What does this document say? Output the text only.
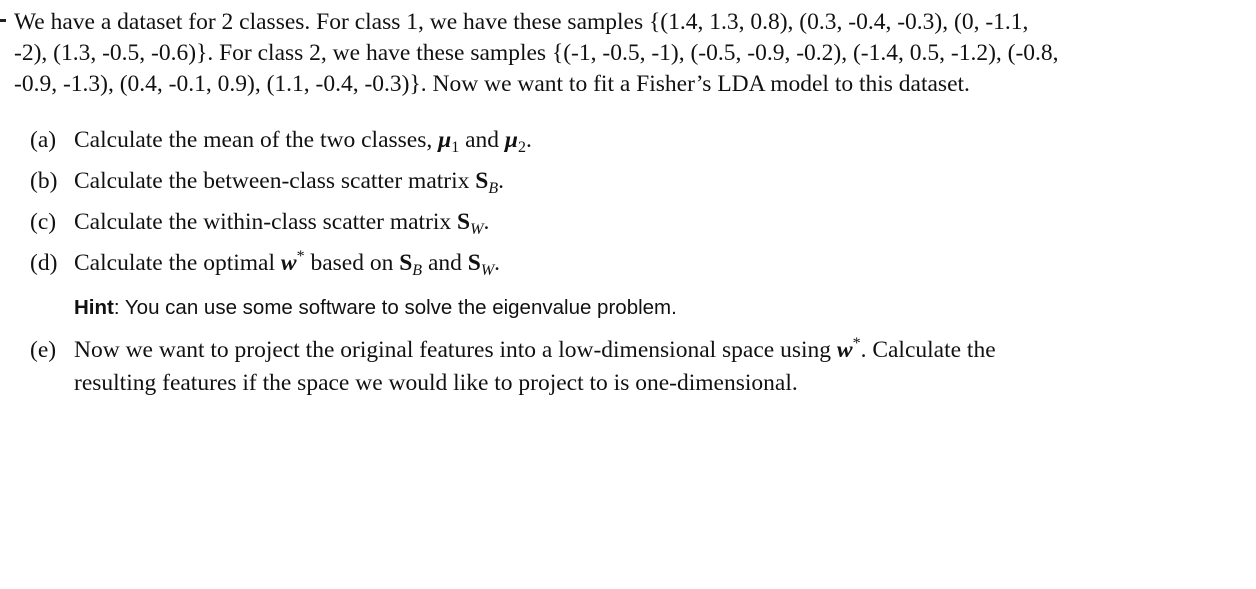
We have a dataset for 2 classes. For class 1, we have these samples {(1.4, 1.3, 0.8), (0.3, -0.4, -0.3), (0, -1.1,
-2), (1.3, -0.5, -0.6)}. For class 2, we have these samples {(-1, -0.5, -1), (-0.5, -0.9, -0.2), (-1.4, 0.5, -1.2), (-0.8,
-0.9, -1.3), (0.4, -0.1, 0.9), (1.1, -0.4, -0.3)}. Now we want to fit a Fisher’s LDA model to this dataset.
(a) Calculate the mean of the two classes, $\mu_1$ and $\mu_2$.
(b) Calculate the between-class scatter matrix $S_B$.
(c) Calculate the within-class scatter matrix $S_W$.
(d) Calculate the optimal w* based on $S_B$ and $S_W$.
Hint: You can use some software to solve the eigenvalue problem.
(e) Now we want to project the original features into a low-dimensional space using w*. Calculate the
resulting features if the space we would like to project to is one-dimensional.
